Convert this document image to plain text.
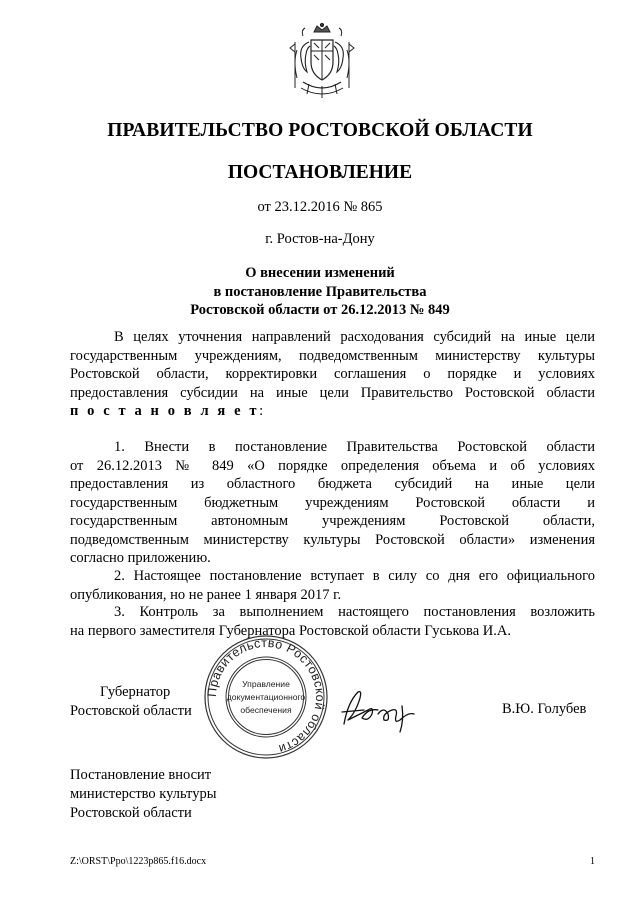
ПРАВИТЕЛЬСТВО РОСТОВСКОЙ ОБЛАСТИ
ПОСТАНОВЛЕНИЕ
от 23.12.2016 № 865
г. Ростов-на-Дону
О внесении изменений
в постановление Правительства
Ростовской области от 26.12.2013 № 849
В целях уточнения направлений расходования субсидий на иные цели
государственным учреждениям, подведомственным министерству культуры
Ростовской области, корректировки соглашения о порядке и условиях
предоставления субсидии на иные цели Правительство Ростовской области
п о с т а н о в л я е т:
1. Внести в постановление Правительства Ростовской области
от 26.12.2013 № 849 «О порядке определения объема и об условиях
предоставления из областного бюджета субсидий на иные цели
государственным бюджетным учреждениям Ростовской области и
государственным автономным учреждениям Ростовской области,
подведомственным министерству культуры Ростовской области» изменения
согласно приложению.
2. Настоящее постановление вступает в силу со дня его официального
опубликования, но не ранее 1 января 2017 г.
3. Контроль за выполнением настоящего постановления возложить
на первого заместителя Губернатора Ростовской области Гуськова И.А.
Губернатор
Ростовской области
Правительство Ростовской области
Управление
документационного
обеспечения	В.Ю. Голубев
Постановление вносит
министерство культуры
Ростовской области
Z:\ORST\Ppo\1223p865.f16.docx	1
